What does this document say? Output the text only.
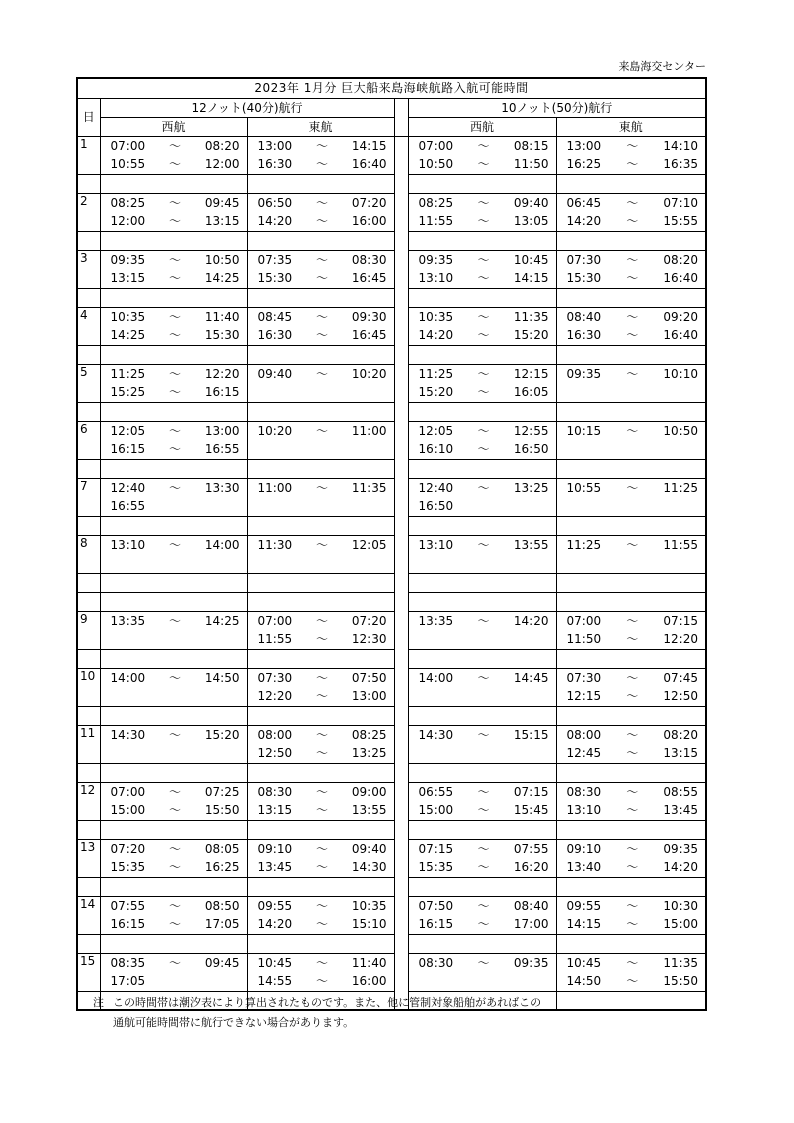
来島海交センター
2023年 1月分 巨大船来島海峡航路入航可能時間					
日	12ノット(40分)航行			10ノット(50分)航行	
	西航	東航		西航	東航
1	07:00 ～ 08:20	13:00 ～ 14:15		07:00 ～ 08:15	13:00 ～ 14:10

	10:55 ～ 12:00	16:30 ～ 16:40		10:50 ～ 11:50	16:25 ～ 16:35

2	08:25 ～ 09:45	06:50 ～ 07:20		08:25 ～ 09:40	06:45 ～ 07:10

	12:00 ～ 13:15	14:20 ～ 16:00		11:55 ～ 13:05	14:20 ～ 15:55

3	09:35 ～ 10:50	07:35 ～ 08:30		09:35 ～ 10:45	07:30 ～ 08:20

	13:15 ～ 14:25	15:30 ～ 16:45		13:10 ～ 14:15	15:30 ～ 16:40

4	10:35 ～ 11:40	08:45 ～ 09:30		10:35 ～ 11:35	08:40 ～ 09:20

	14:25 ～ 15:30	16:30 ～ 16:45		14:20 ～ 15:20	16:30 ～ 16:40

5	11:25 ～ 12:20	09:40 ～ 10:20		11:25 ～ 12:15	09:35 ～ 10:10

	15:25 ～ 16:15			15:20 ～ 16:05	

6	12:05 ～ 13:00	10:20 ～ 11:00		12:05 ～ 12:55	10:15 ～ 10:50

	16:15 ～ 16:55			16:10 ～ 16:50	

7	12:40 ～ 13:30	11:00 ～ 11:35		12:40 ～ 13:25	10:55 ～ 11:25

	16:55			16:50	

8	13:10 ～ 14:00	11:30 ～ 12:05		13:10 ～ 13:55	11:25 ～ 11:55

9	13:35 ～ 14:25	07:00 ～ 07:20		13:35 ～ 14:20	07:00 ～ 07:15

		11:55 ～ 12:30			11:50 ～ 12:20

10	14:00 ～ 14:50	07:30 ～ 07:50		14:00 ～ 14:45	07:30 ～ 07:45

		12:20 ～ 13:00			12:15 ～ 12:50

11	14:30 ～ 15:20	08:00 ～ 08:25		14:30 ～ 15:15	08:00 ～ 08:20

		12:50 ～ 13:25			12:45 ～ 13:15

12	07:00 ～ 07:25	08:30 ～ 09:00		06:55 ～ 07:15	08:30 ～ 08:55

	15:00 ～ 15:50	13:15 ～ 13:55		15:00 ～ 15:45	13:10 ～ 13:45

13	07:20 ～ 08:05	09:10 ～ 09:40		07:15 ～ 07:55	09:10 ～ 09:35

	15:35 ～ 16:25	13:45 ～ 14:30		15:35 ～ 16:20	13:40 ～ 14:20

14	07:55 ～ 08:50	09:55 ～ 10:35		07:50 ～ 08:40	09:55 ～ 10:30

	16:15 ～ 17:05	14:20 ～ 15:10		16:15 ～ 17:00	14:15 ～ 15:00

15	08:35 ～ 09:45	10:45 ～ 11:40		08:30 ～ 09:35	10:45 ～ 11:35

	17:05	14:55 ～ 16:00			14:50 ～ 15:50

注 この時間帯は潮汐表により算出されたものです。また、他に管制対象船舶があればこの
通航可能時間帯に航行できない場合があります。
